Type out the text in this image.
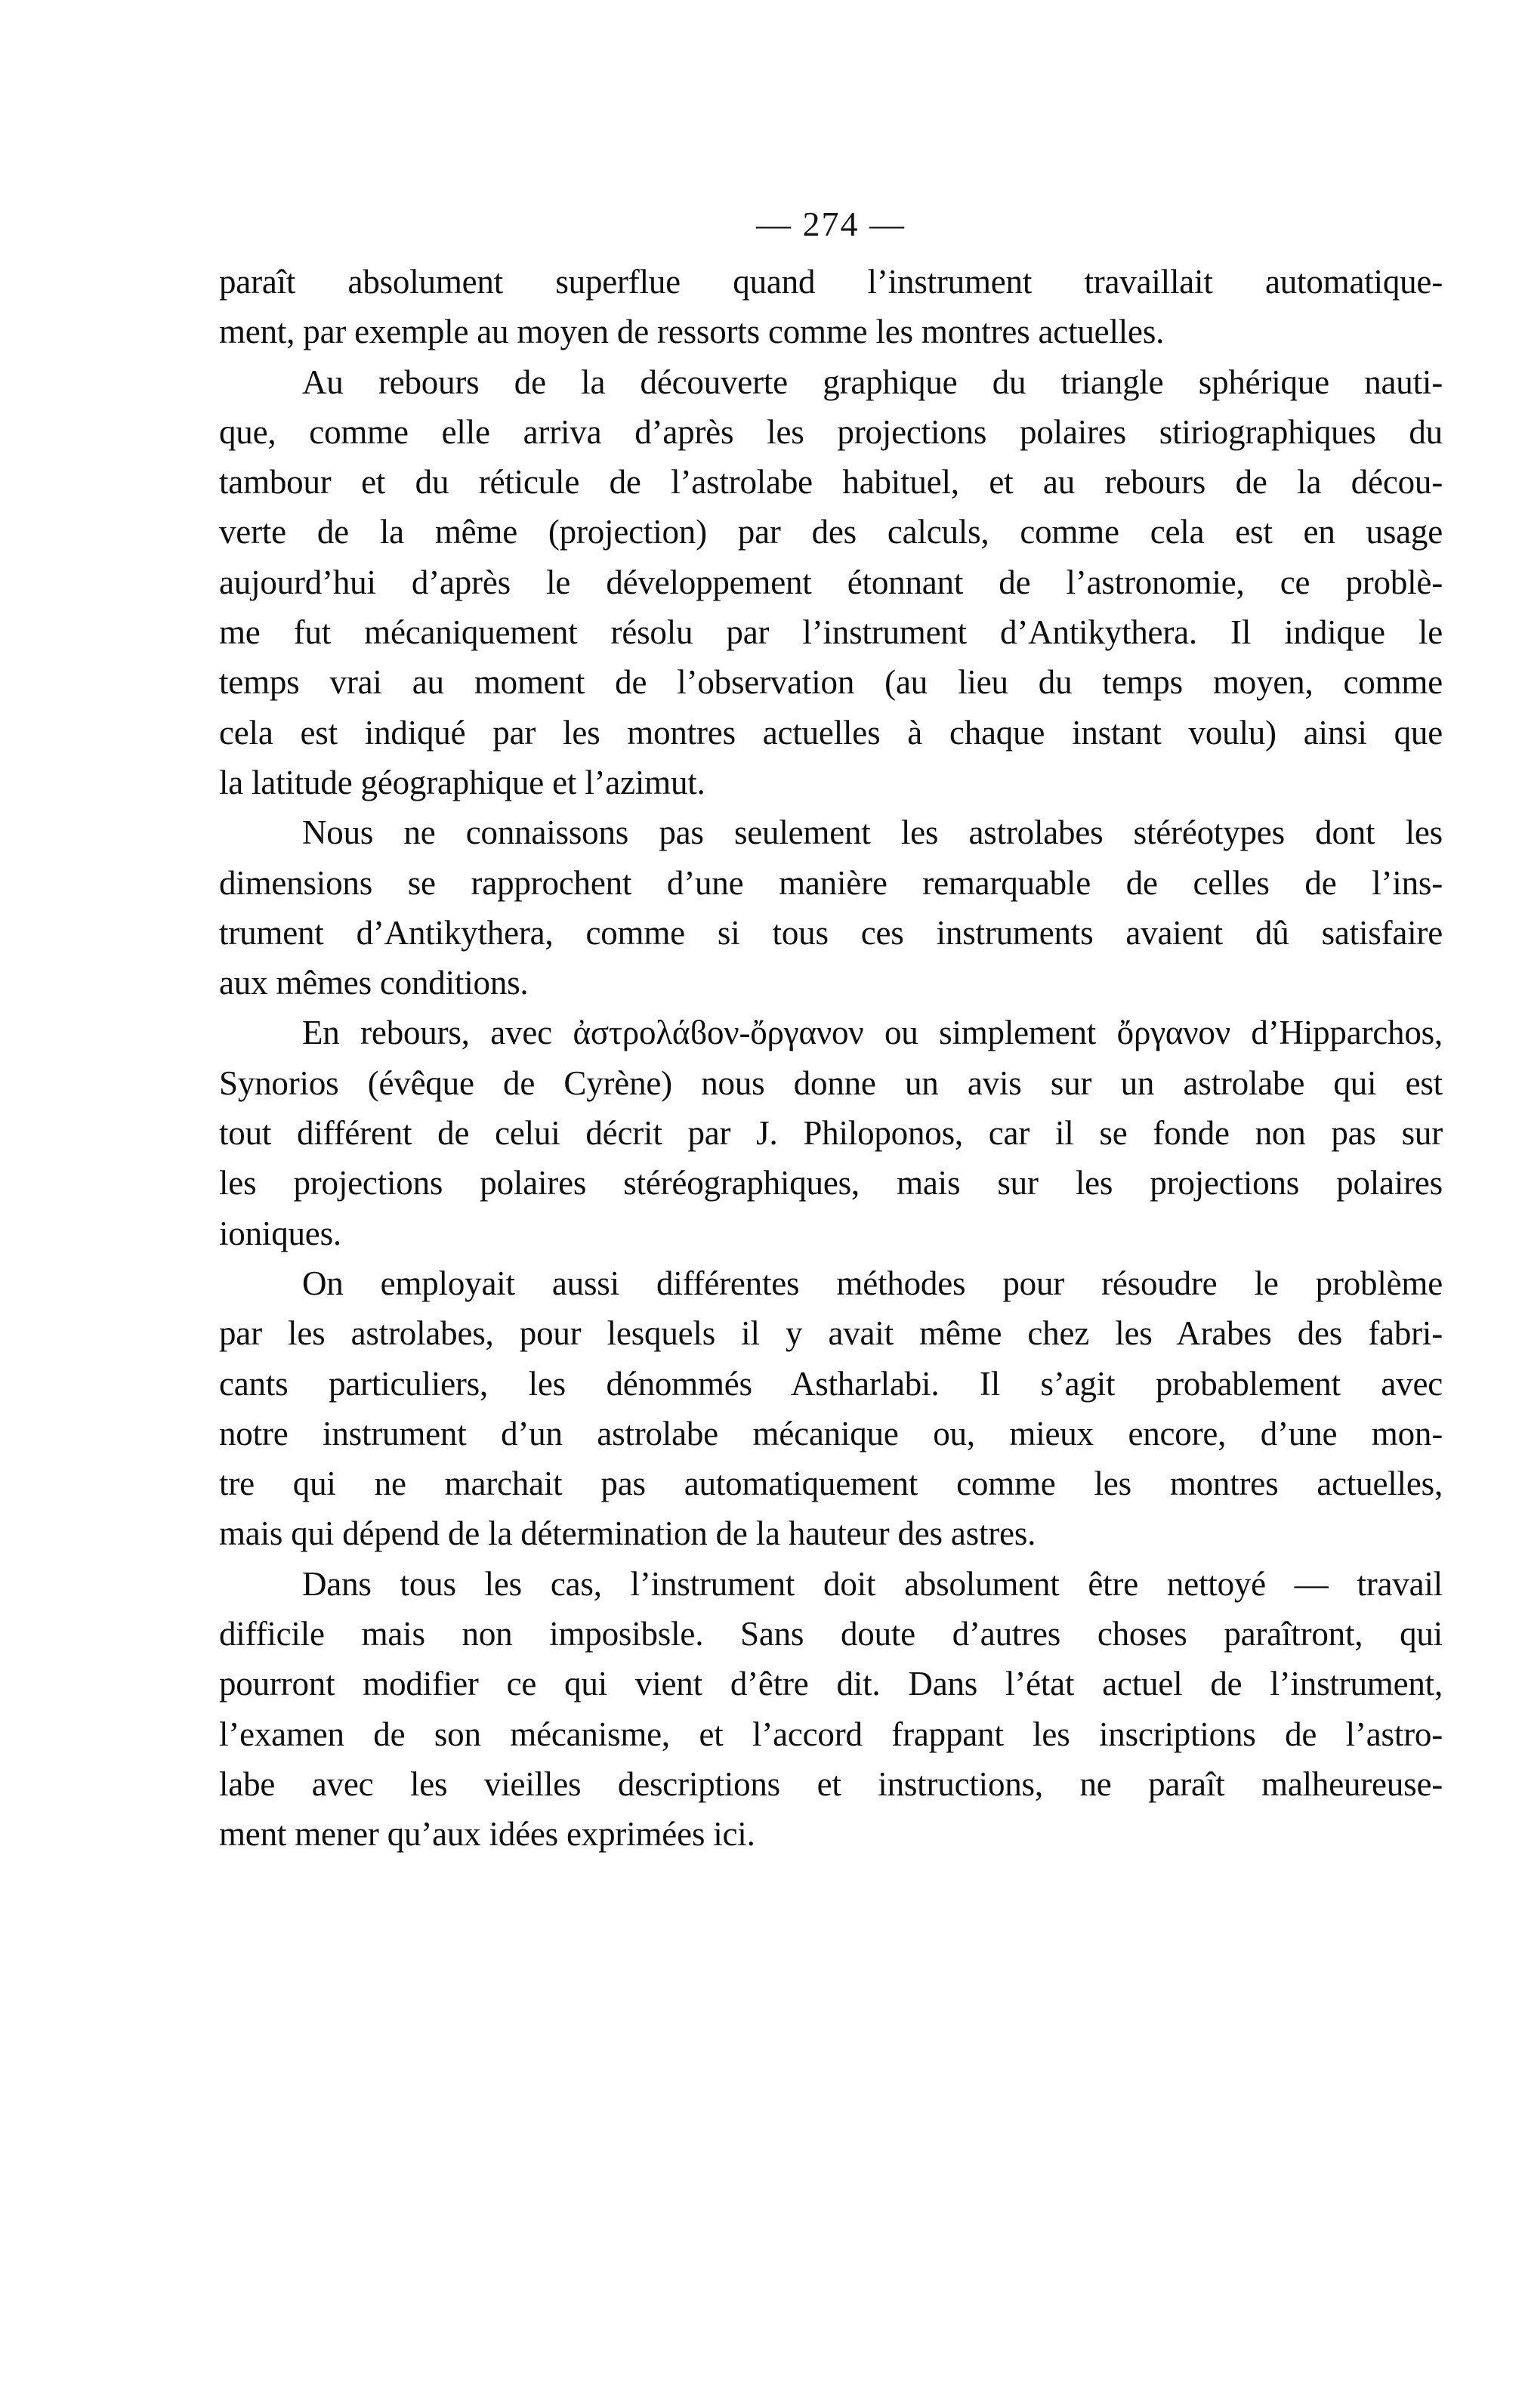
— 274 —
paraît absolument superflue quand l’instrument travaillait automatique-
ment, par exemple au moyen de ressorts comme les montres actuelles.
Au rebours de la découverte graphique du triangle sphérique nauti-
que, comme elle arriva d’après les projections polaires stiriographiques du
tambour et du réticule de l’astrolabe habituel, et au rebours de la décou-
verte de la même (projection) par des calculs, comme cela est en usage
aujourd’hui d’après le développement étonnant de l’astronomie, ce problè-
me fut mécaniquement résolu par l’instrument d’Antikythera. Il indique le
temps vrai au moment de l’observation (au lieu du temps moyen, comme
cela est indiqué par les montres actuelles à chaque instant voulu) ainsi que
la latitude géographique et l’azimut.
Nous ne connaissons pas seulement les astrolabes stéréotypes dont les
dimensions se rapprochent d’une manière remarquable de celles de l’ins-
trument d’Antikythera, comme si tous ces instruments avaient dû satisfaire
aux mêmes conditions.
En rebours, avec ἀστρολάϐον-ὄργανον ou simplement ὄργανον d’Hipparchos,
Synorios (évêque de Cyrène) nous donne un avis sur un astrolabe qui est
tout différent de celui décrit par J. Philoponos, car il se fonde non pas sur
les projections polaires stéréographiques, mais sur les projections polaires
ioniques.
On employait aussi différentes méthodes pour résoudre le problème
par les astrolabes, pour lesquels il y avait même chez les Arabes des fabri-
cants particuliers, les dénommés Astharlabi. Il s’agit probablement avec
notre instrument d’un astrolabe mécanique ou, mieux encore, d’une mon-
tre qui ne marchait pas automatiquement comme les montres actuelles,
mais qui dépend de la détermination de la hauteur des astres.
Dans tous les cas, l’instrument doit absolument être nettoyé — travail
difficile mais non imposibsle. Sans doute d’autres choses paraîtront, qui
pourront modifier ce qui vient d’être dit. Dans l’état actuel de l’instrument,
l’examen de son mécanisme, et l’accord frappant les inscriptions de l’astro-
labe avec les vieilles descriptions et instructions, ne paraît malheureuse-
ment mener qu’aux idées exprimées ici.
